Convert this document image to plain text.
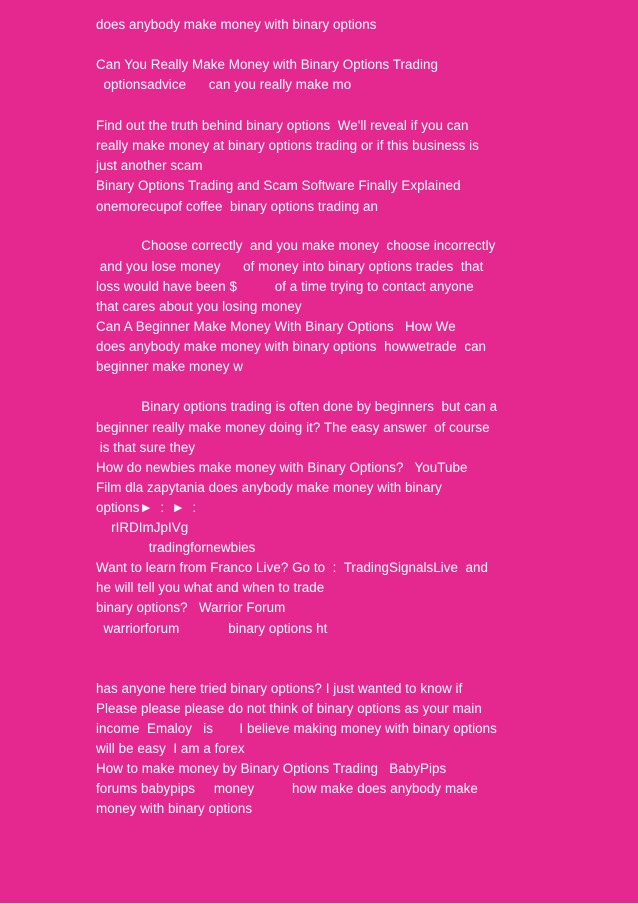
does anybody make money with binary options
Can You Really Make Money with Binary Options Trading
optionsadvice      can you really make mo
Find out the truth behind binary options  We'll reveal if you can
really make money at binary options trading or if this business is
just another scam
Binary Options Trading and Scam Software Finally Explained
onemorecupof coffee  binary options trading an
Choose correctly  and you make money  choose incorrectly
and you lose money      of money into binary options trades  that
loss would have been $          of a time trying to contact anyone
that cares about you losing money
Can A Beginner Make Money With Binary Options   How We
does anybody make money with binary options  howwetrade  can
beginner make money w
Binary options trading is often done by beginners  but can a
beginner really make money doing it? The easy answer  of course
is that sure they
How do newbies make money with Binary Options?   YouTube
Film dla zapytania does anybody make money with binary
options►  :  ►  :
rIRDImJpIVg
tradingfornewbies
Want to learn from Franco Live? Go to  :  TradingSignalsLive  and
he will tell you what and when to trade
binary options?   Warrior Forum
warriorforum             binary options ht
has anyone here tried binary options? I just wanted to know if
Please please please do not think of binary options as your main
income  Emaloy   is       I believe making money with binary options
will be easy  I am a forex
How to make money by Binary Options Trading   BabyPips
forums babypips     money          how make does anybody make
money with binary options
